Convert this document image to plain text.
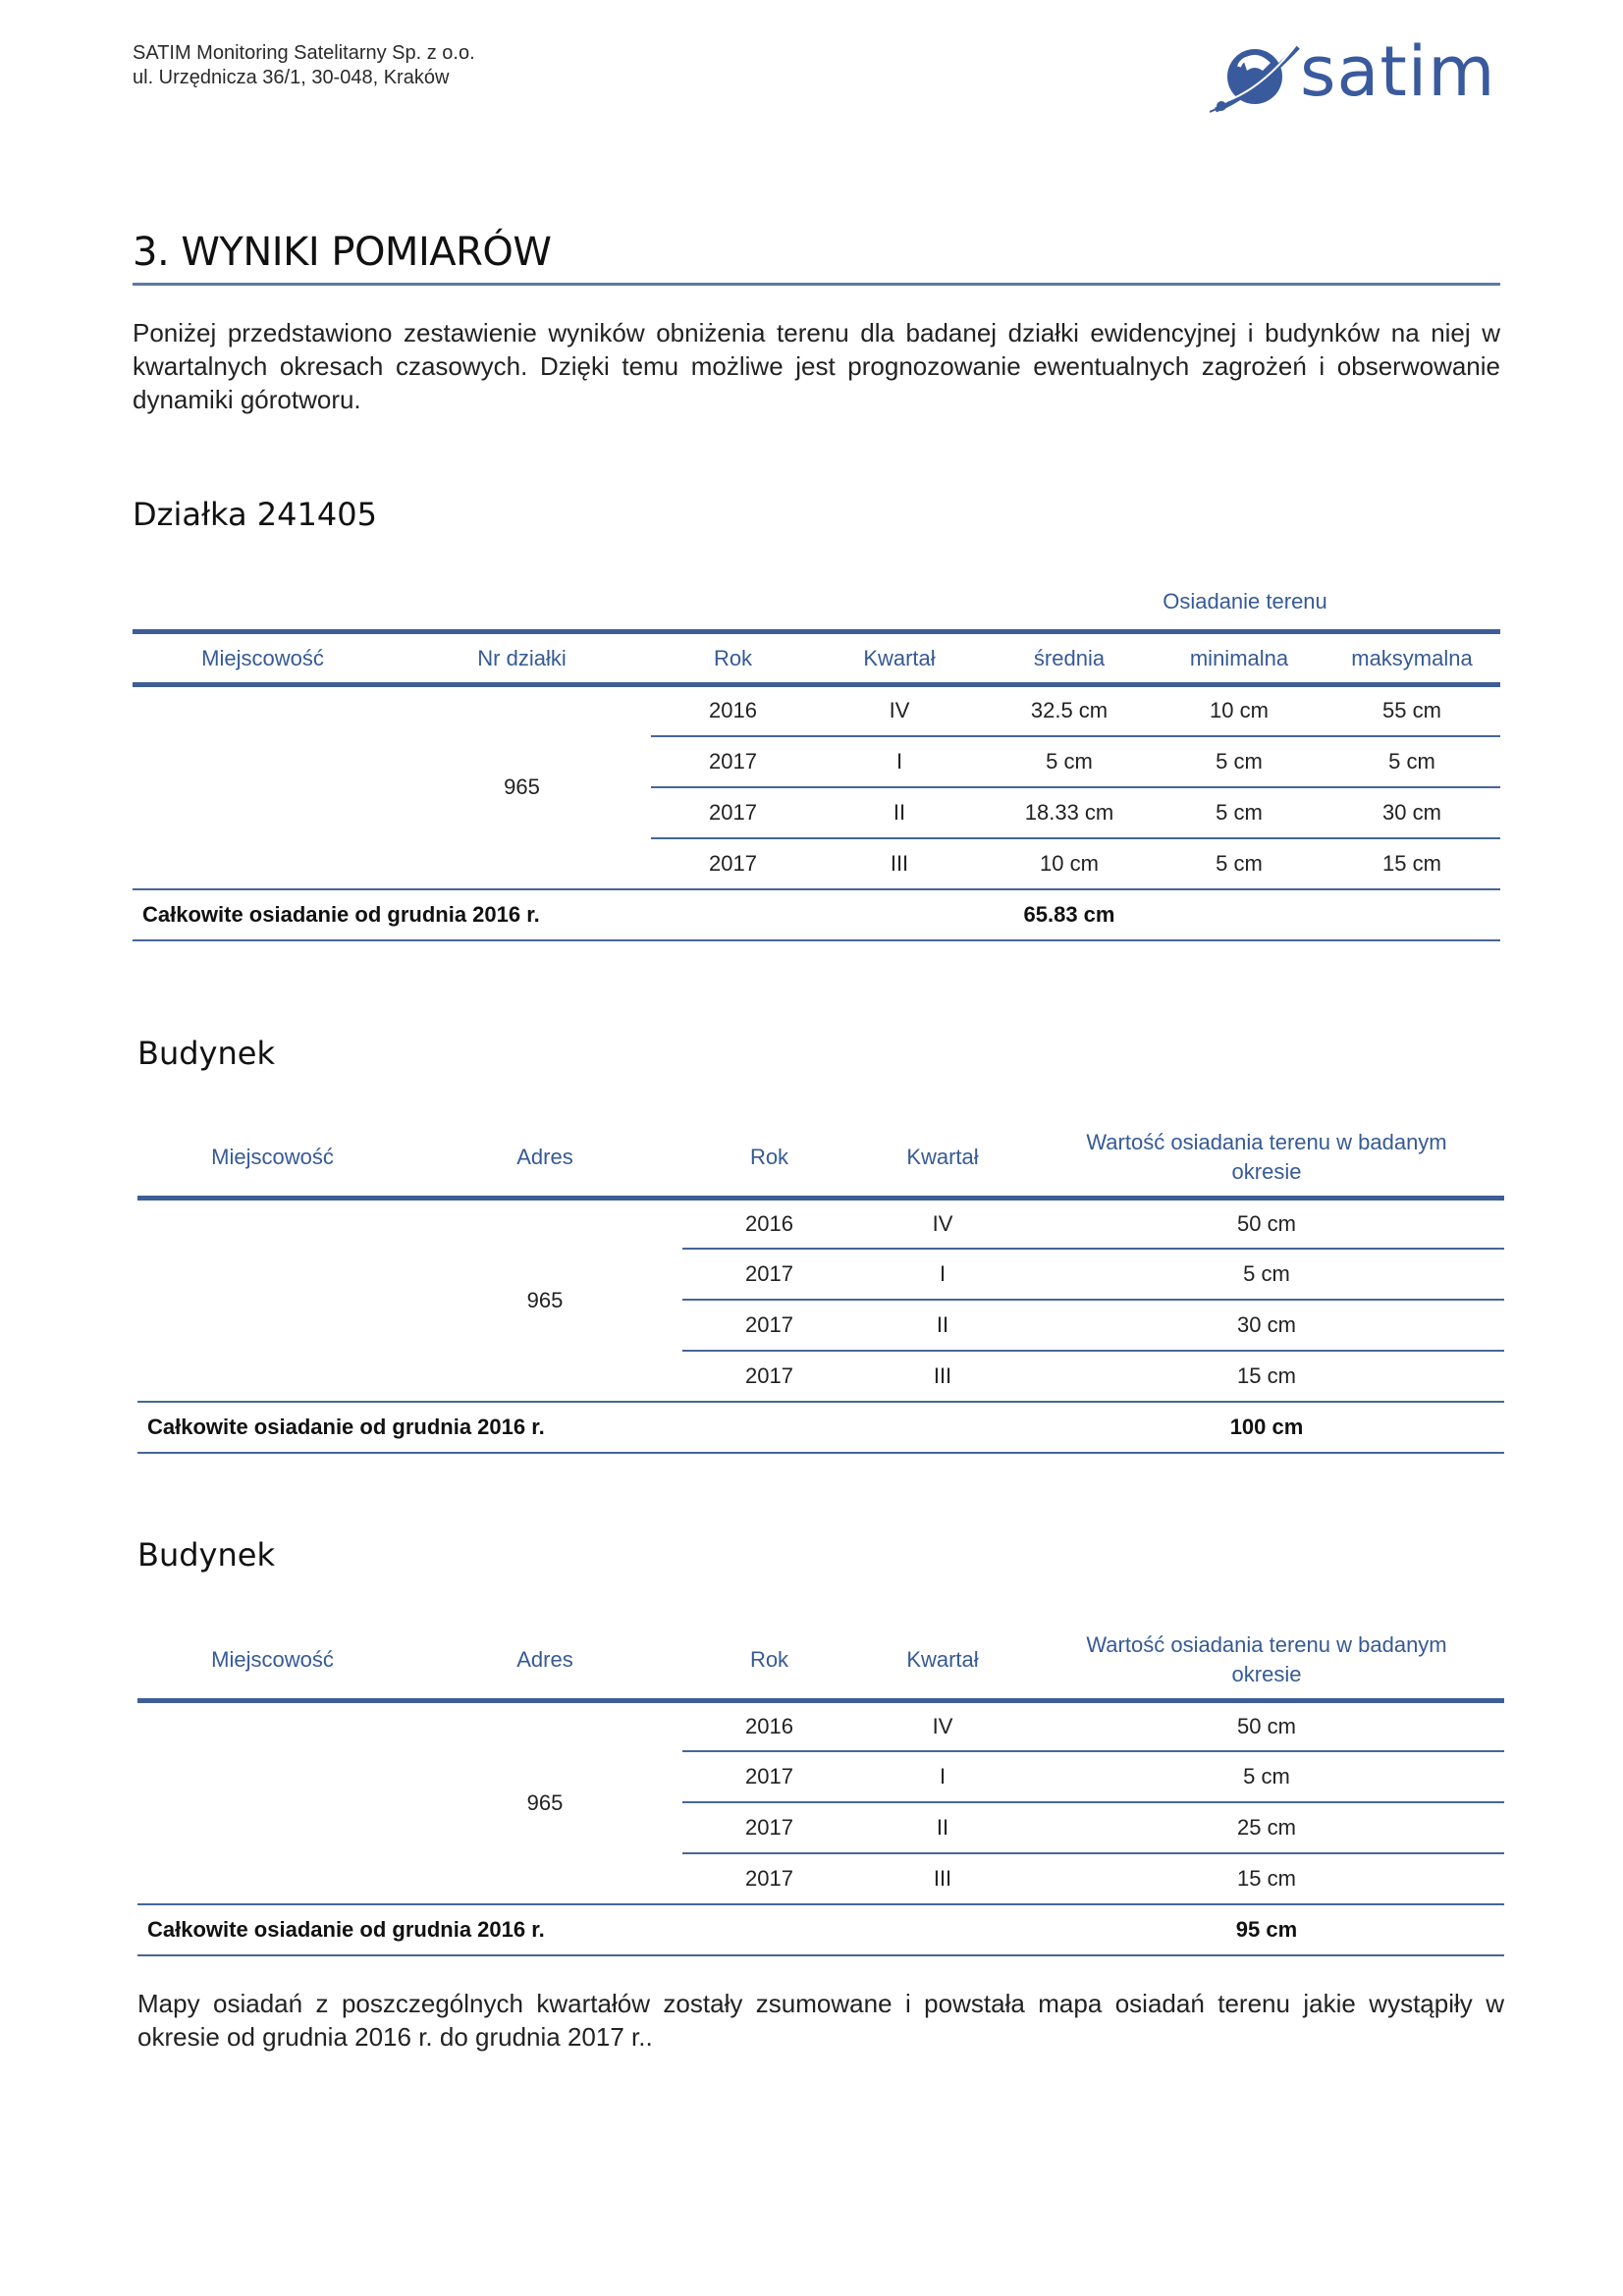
SATIM Monitoring Satelitarny Sp. z o.o.
ul. Urzędnicza 36/1, 30-048, Kraków	satim
3. WYNIKI POMIARÓW
Poniżej przedstawiono zestawienie wyników obniżenia terenu dla badanej działki ewidencyjnej i budynków na niej w kwartalnych okresach czasowych. Dzięki temu możliwe jest prognozowanie ewentualnych zagrożeń i obserwowanie dynamiki górotworu.
Działka 241405
Osiadanie terenu
Miejscowość	Nr działki	Rok	Kwartał	średnia	minimalna	maksymalna
	965	2016	IV	32.5 cm	10 cm	55 cm
		2017	I	5 cm	5 cm	5 cm
		2017	II	18.33 cm	5 cm	30 cm
		2017	III	10 cm	5 cm	15 cm
Całkowite osiadanie od grudnia 2016 r.				65.83 cm		
Budynek
Miejscowość	Adres	Rok	Kwartał	Wartość osiadania terenu w badanym okresie
	965	2016	IV	50 cm
		2017	I	5 cm
		2017	II	30 cm
		2017	III	15 cm
Całkowite osiadanie od grudnia 2016 r.				100 cm
Budynek
Miejscowość	Adres	Rok	Kwartał	Wartość osiadania terenu w badanym okresie
	965	2016	IV	50 cm
		2017	I	5 cm
		2017	II	25 cm
		2017	III	15 cm
Całkowite osiadanie od grudnia 2016 r.				95 cm
Mapy osiadań z poszczególnych kwartałów zostały zsumowane i powstała mapa osiadań terenu jakie wystąpiły w okresie od grudnia 2016 r. do grudnia 2017 r..
